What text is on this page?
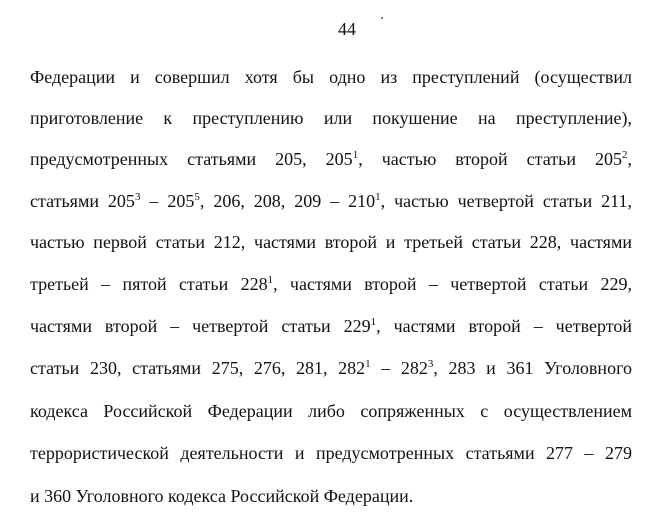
44
Федерации и совершил хотя бы одно из преступлений (осуществил
приготовление к преступлению или покушение на преступление),
предусмотренных статьями 205, $205^1$, частью второй статьи $205^2$,
статьями $205^3 - 205^5$, 206, 208, $209 - 210^1$, частью четвертой статьи 211,
частью первой статьи 212, частями второй и третьей статьи 228, частями
третьей – пятой статьи $228^1$, частями второй – четвертой статьи 229,
частями второй – четвертой статьи $229^1$, частями второй – четвертой
статьи 230, статьями 275, 276, 281, $282^1 - 282^3$, 283 и 361 Уголовного
кодекса Российской Федерации либо сопряженных с осуществлением
террористической деятельности и предусмотренных статьями 277 – 279
и 360 Уголовного кодекса Российской Федерации.
